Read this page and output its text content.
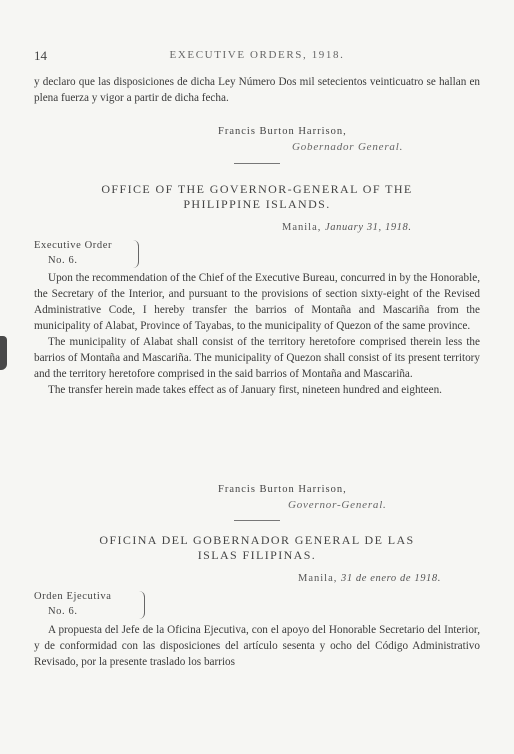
14	EXECUTIVE ORDERS, 1918.

y declaro que las disposiciones de dicha Ley Número Dos mil setecientos veinticuatro se hallan en plena fuerza y vigor a partir de dicha fecha.

Francis Burton Harrison,
Gobernador General.
OFFICE OF THE GOVERNOR-GENERAL OF THE
PHILIPPINE ISLANDS.
Manila, January 31, 1918.
Executive Order
No. 6.

Upon the recommendation of the Chief of the Executive Bureau, concurred in by the Honorable, the Secretary of the Interior, and pursuant to the provisions of section sixty-eight of the Revised Administrative Code, I hereby transfer the barrios of Montaña and Mascariña from the municipality of Alabat, Province of Tayabas, to the municipality of Quezon of the same province.

The municipality of Alabat shall consist of the territory heretofore comprised therein less the barrios of Montaña and Mascariña. The municipality of Quezon shall consist of its present territory and the territory heretofore comprised in the said barrios of Montaña and Mascariña.

The transfer herein made takes effect as of January first, nineteen hundred and eighteen.

Francis Burton Harrison,
Governor-General.
OFICINA DEL GOBERNADOR GENERAL DE LAS
ISLAS FILIPINAS.
Manila, 31 de enero de 1918.
Orden Ejecutiva
No. 6.

A propuesta del Jefe de la Oficina Ejecutiva, con el apoyo del Honorable Secretario del Interior, y de conformidad con las disposiciones del artículo sesenta y ocho del Código Administrativo Revisado, por la presente traslado los barrios
